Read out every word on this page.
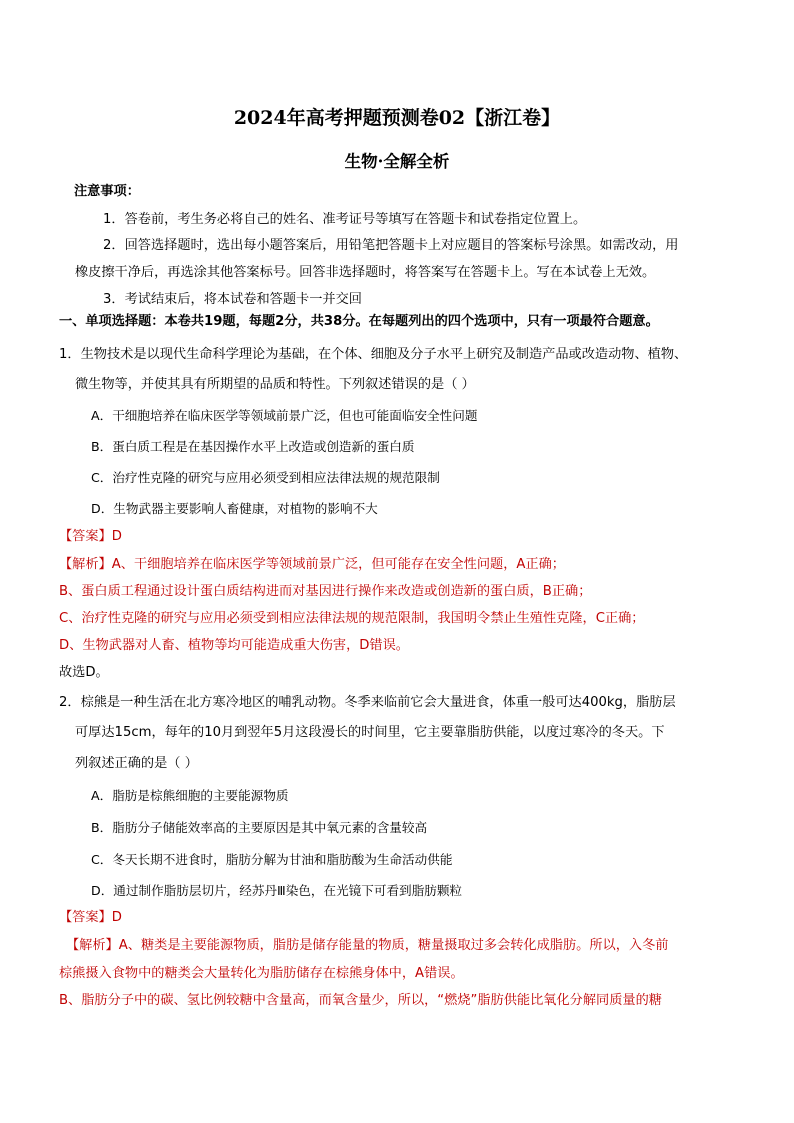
2024年高考押题预测卷02【浙江卷】
生物·全解全析
注意事项：
1．答卷前，考生务必将自己的姓名、准考证号等填写在答题卡和试卷指定位置上。
2．回答选择题时，选出每小题答案后，用铅笔把答题卡上对应题目的答案标号涂黑。如需改动，用
橡皮擦干净后，再选涂其他答案标号。回答非选择题时，将答案写在答题卡上。写在本试卷上无效。
3．考试结束后，将本试卷和答题卡一并交回
一、单项选择题：本卷共19题，每题2分，共38分。在每题列出的四个选项中，只有一项最符合题意。
1．生物技术是以现代生命科学理论为基础，在个体、细胞及分子水平上研究及制造产品或改造动物、植物、
微生物等，并使其具有所期望的品质和特性。下列叙述错误的是（ ）
A．干细胞培养在临床医学等领域前景广泛，但也可能面临安全性问题
B．蛋白质工程是在基因操作水平上改造或创造新的蛋白质
C．治疗性克隆的研究与应用必须受到相应法律法规的规范限制
D．生物武器主要影响人畜健康，对植物的影响不大
【答案】D
【解析】A、干细胞培养在临床医学等领域前景广泛，但可能存在安全性问题，A正确；
B、蛋白质工程通过设计蛋白质结构进而对基因进行操作来改造或创造新的蛋白质，B正确；
C、治疗性克隆的研究与应用必须受到相应法律法规的规范限制，我国明令禁止生殖性克隆，C正确；
D、生物武器对人畜、植物等均可能造成重大伤害，D错误。
故选D。
2．棕熊是一种生活在北方寒冷地区的哺乳动物。冬季来临前它会大量进食，体重一般可达400kg，脂肪层
可厚达15cm，每年的10月到翌年5月这段漫长的时间里，它主要靠脂肪供能，以度过寒冷的冬天。下
列叙述正确的是（ ）
A．脂肪是棕熊细胞的主要能源物质
B．脂肪分子储能效率高的主要原因是其中氧元素的含量较高
C．冬天长期不进食时，脂肪分解为甘油和脂肪酸为生命活动供能
D．通过制作脂肪层切片，经苏丹Ⅲ染色，在光镜下可看到脂肪颗粒
【答案】D
【解析】A、糖类是主要能源物质，脂肪是储存能量的物质，糖量摄取过多会转化成脂肪。所以，入冬前
棕熊摄入食物中的糖类会大量转化为脂肪储存在棕熊身体中，A错误。
B、脂肪分子中的碳、氢比例较糖中含量高，而氧含量少，所以，“燃烧”脂肪供能比氧化分解同质量的糖
